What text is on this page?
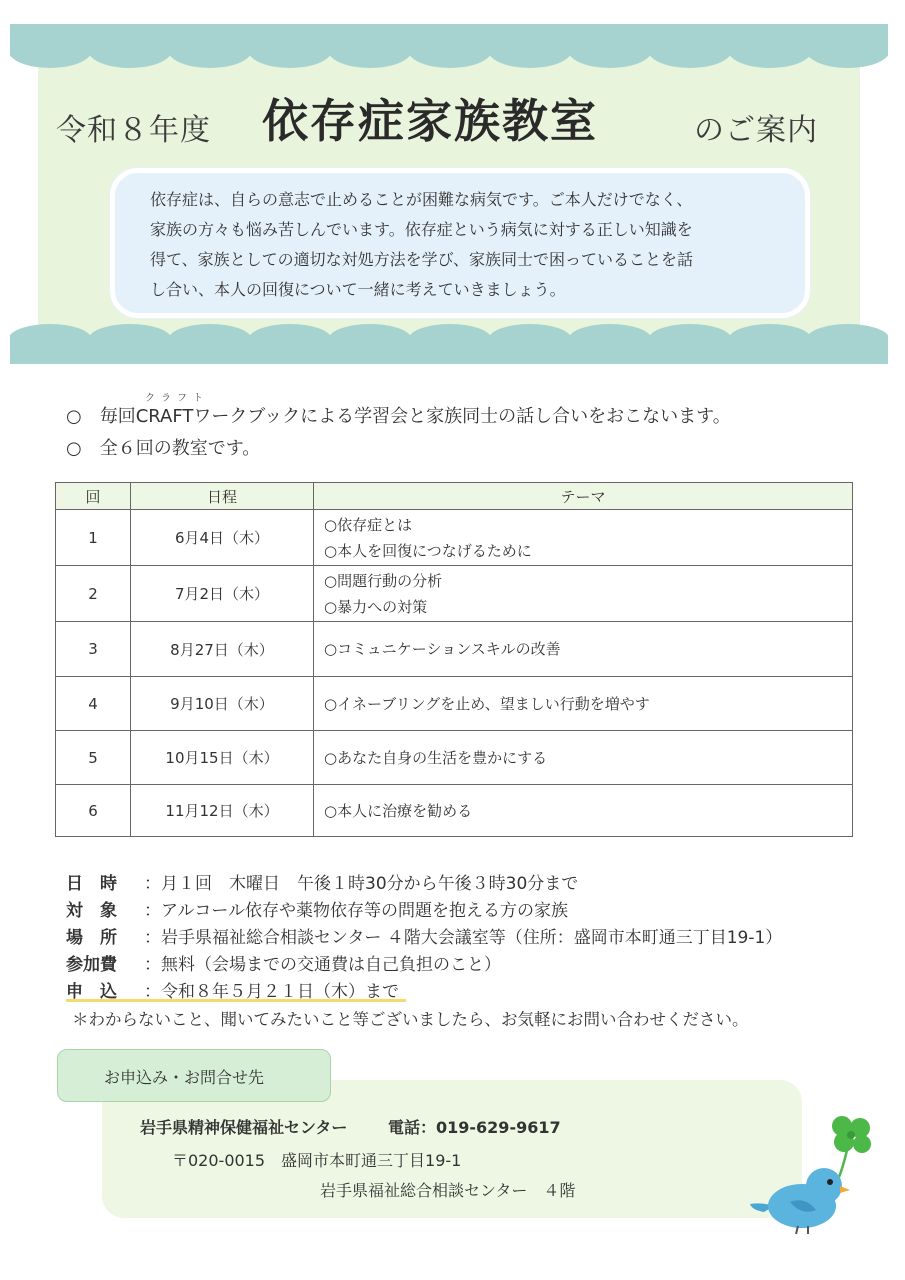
令和８年度 依存症家族教室	のご案内
依存症は、自らの意志で止めることが困難な病気です。ご本人だけでなく、
家族の方々も悩み苦しんでいます。依存症という病気に対する正しい知識を
得て、家族としての適切な対処方法を学び、家族同士で困っていることを話
し合い、本人の回復について一緒に考えていきましょう。
クラフト
○　毎回CRAFTワークブックによる学習会と家族同士の話し合いをおこないます。
○　全６回の教室です。
回	日程	テーマ
1	6月4日（木）	○依存症とは
○本人を回復につなげるために

2	7月2日（木）	○問題行動の分析
○暴力への対策

3	8月27日（木）	○コミュニケーションスキルの改善

4	9月10日（木）	○イネーブリングを止め、望ましい行動を増やす

5	10月15日（木）	○あなた自身の生活を豊かにする

6	11月12日（木）	○本人に治療を勧める
日　時 ：月１回　木曜日　午後１時30分から午後３時30分まで
対　象 ：アルコール依存や薬物依存等の問題を抱える方の家族
場　所 ：岩手県福祉総合相談センター ４階大会議室等（住所：盛岡市本町通三丁目19-1）
参加費 ：無料（会場までの交通費は自己負担のこと）
申　込 ：令和８年５月２１日（木）まで
＊わからないこと、聞いてみたいこと等ございましたら、お気軽にお問い合わせください。
お申込み・お問合せ先
岩手県精神保健福祉センター	電話：019-629-9617
〒020‐0015　盛岡市本町通三丁目19‐1
岩手県福祉総合相談センター　４階
